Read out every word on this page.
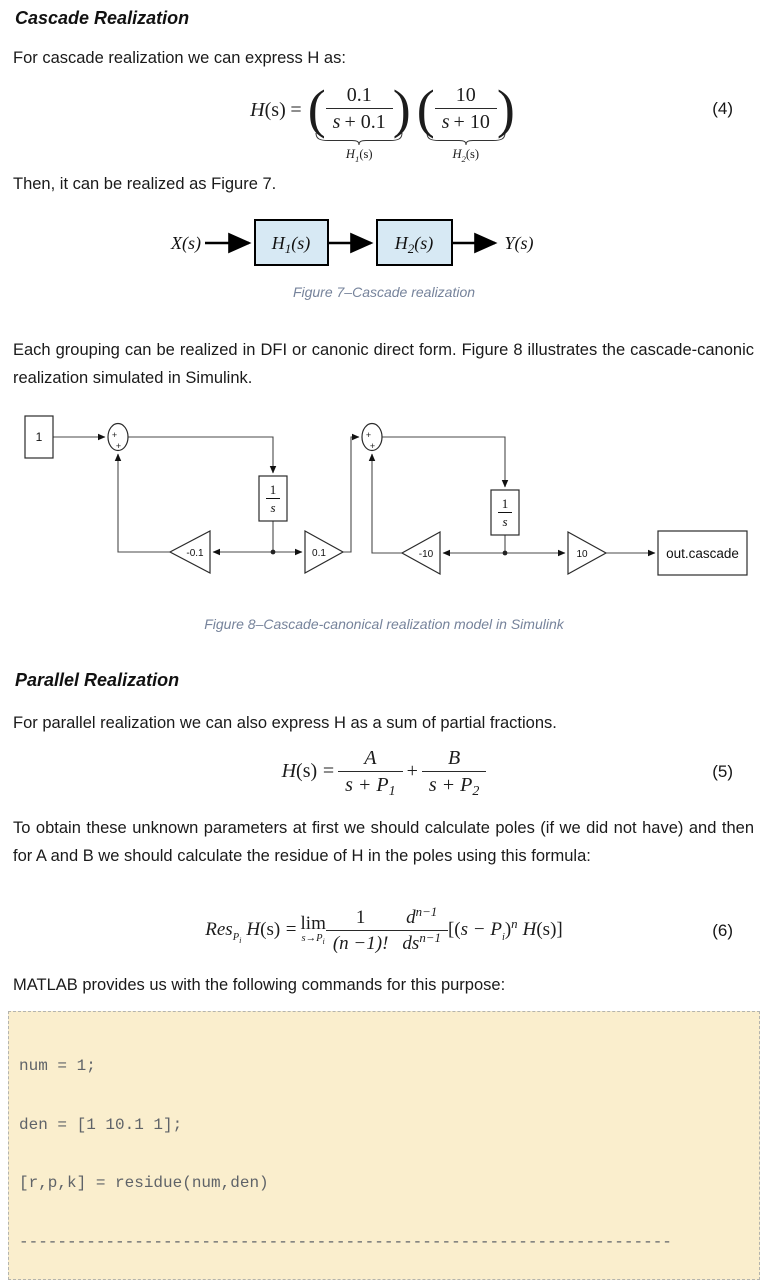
Cascade Realization
For cascade realization we can express H as:
H(s)  = ( $\frac{0.1}{s + 0.1}$ )
$H_1(s)$
( $\frac{10}{s + 10}$ )
$H_2(s)$
(4)
Then, it can be realized as Figure 7.
X(s)	$H_1(s)$	$H_2(s)$	Y(s)
Figure 7–Cascade realization
Each grouping can be realized in DFI or canonic direct form. Figure 8 illustrates the cascade-canonic realization simulated in Simulink.
1	+
+
1
s
-0.1	0.1
+
+
1
s
-10	10	out.cascade
Figure 8–Cascade-canonical realization model in Simulink
Parallel Realization
For parallel realization we can also express H as a sum of partial fractions.
H(s)  = $\frac{A}{s + P_1} + \frac{B}{s + P_2}$	(5)
To obtain these unknown parameters at first we should calculate poles (if we did not have) and then for A and B we should calculate the residue of H in the poles using this formula:
Res$_{P_i}$H(s)  = lim
$s\to P_i \frac{1}{(n -1)!} \frac{d^{n-1}}{ds^{n-1}} [(s - P_i)^n$ H(s)]	(6)
MATLAB provides us with the following commands for this purpose:

num = 1;

den = [1 10.1 1];

[r,p,k] = residue(num,den)

--------------------------------------------------------------------
